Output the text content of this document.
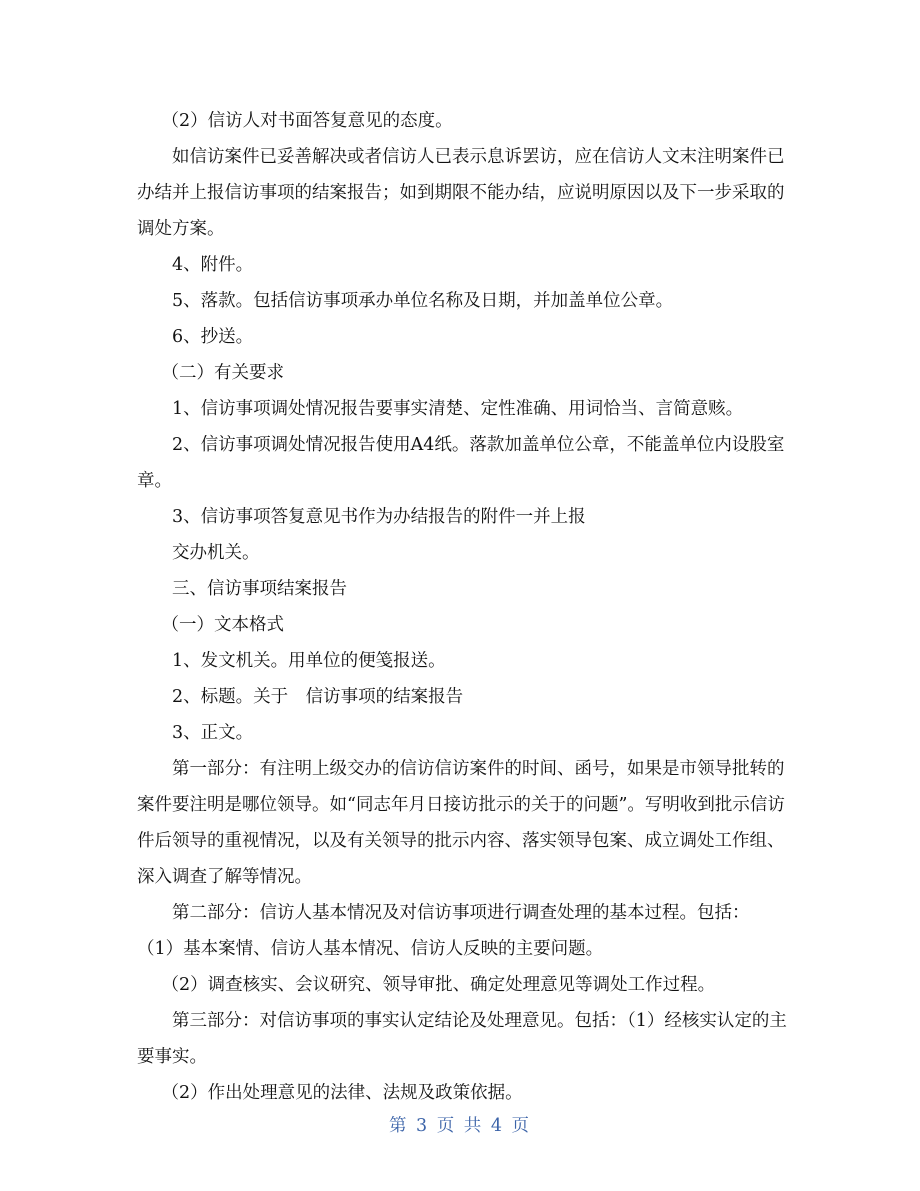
（2）信访人对书面答复意见的态度。

如信访案件已妥善解决或者信访人已表示息诉罢访，应在信访人文末注明案件已办结并上报信访事项的结案报告；如到期限不能办结，应说明原因以及下一步采取的调处方案。

4、附件。

5、落款。包括信访事项承办单位名称及日期，并加盖单位公章。

6、抄送。

（二）有关要求

1、信访事项调处情况报告要事实清楚、定性准确、用词恰当、言简意赅。

2、信访事项调处情况报告使用A4纸。落款加盖单位公章，不能盖单位内设股室章。

3、信访事项答复意见书作为办结报告的附件一并上报

交办机关。

三、信访事项结案报告

（一）文本格式

1、发文机关。用单位的便笺报送。

2、标题。关于　信访事项的结案报告

3、正文。

第一部分：有注明上级交办的信访信访案件的时间、函号，如果是市领导批转的案件要注明是哪位领导。如“同志年月日接访批示的关于的问题”。写明收到批示信访件后领导的重视情况，以及有关领导的批示内容、落实领导包案、成立调处工作组、深入调查了解等情况。

第二部分：信访人基本情况及对信访事项进行调查处理的基本过程。包括：

（1）基本案情、信访人基本情况、信访人反映的主要问题。

（2）调查核实、会议研究、领导审批、确定处理意见等调处工作过程。

第三部分：对信访事项的事实认定结论及处理意见。包括：（1）经核实认定的主要事实。

（2）作出处理意见的法律、法规及政策依据。

第 3 页 共 4 页
